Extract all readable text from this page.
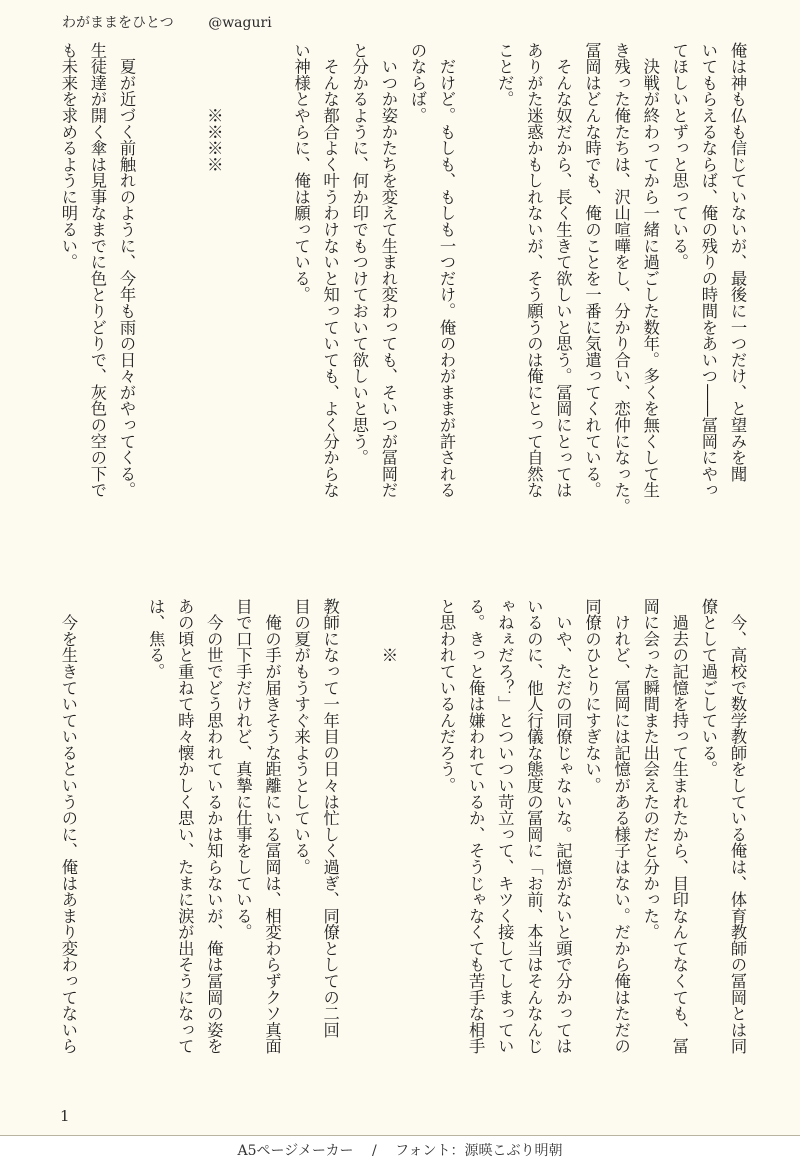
わがままをひとつ @waguri

俺は神も仏も信じていないが、最後に一つだけ、と望みを聞

いてもらえるならば、俺の残りの時間をあいつ――冨岡にやっ

てほしいとずっと思っている。

　決戦が終わってから一緒に過ごした数年。多くを無くして生

き残った俺たちは、沢山喧嘩をし、分かり合い、恋仲になった。

冨岡はどんな時でも、俺のことを一番に気遣ってくれている。

　そんな奴だから、長く生きて欲しいと思う。冨岡にとっては

ありがた迷惑かもしれないが、そう願うのは俺にとって自然な

ことだ。

　だけど。もしも、もしも一つだけ。俺のわがままが許される

のならば。

　いつか姿かたちを変えて生まれ変わっても、そいつが冨岡だ

と分かるように、何か印でもつけておいて欲しいと思う。

　そんな都合よく叶うわけないと知っていても、よく分からな

い神様とやらに、俺は願っている。

　　　　※※※※

　夏が近づく前触れのように、今年も雨の日々がやってくる。

生徒達が開く傘は見事なまでに色とりどりで、灰色の空の下で

も未来を求めるように明るい。

　今、高校で数学教師をしている俺は、体育教師の冨岡とは同

僚として過ごしている。

　過去の記憶を持って生まれたから、目印なんてなくても、冨

岡に会った瞬間また出会えたのだと分かった。

　けれど、冨岡には記憶がある様子はない。だから俺はただの

同僚のひとりにすぎない。

　いや、ただの同僚じゃないな。記憶がないと頭で分かっては

いるのに、他人行儀な態度の冨岡に「お前、本当はそんなんじ

ゃねぇだろ？」とついつい苛立って、キツく接してしまってい

る。きっと俺は嫌われているか、そうじゃなくても苦手な相手

と思われているんだろう。

　　　※

教師になって一年目の日々は忙しく過ぎ、同僚としての二回

目の夏がもうすぐ来ようとしている。

　俺の手が届きそうな距離にいる冨岡は、相変わらずクソ真面

目で口下手だけれど、真摯に仕事をしている。

　今の世でどう思われているかは知らないが、俺は冨岡の姿を

あの頃と重ねて時々懐かしく思い、たまに涙が出そうになって

は、焦る。

　今を生きていているというのに、俺はあまり変わってないら

1
A5ページメーカー / フォント：源暎こぶり明朝
